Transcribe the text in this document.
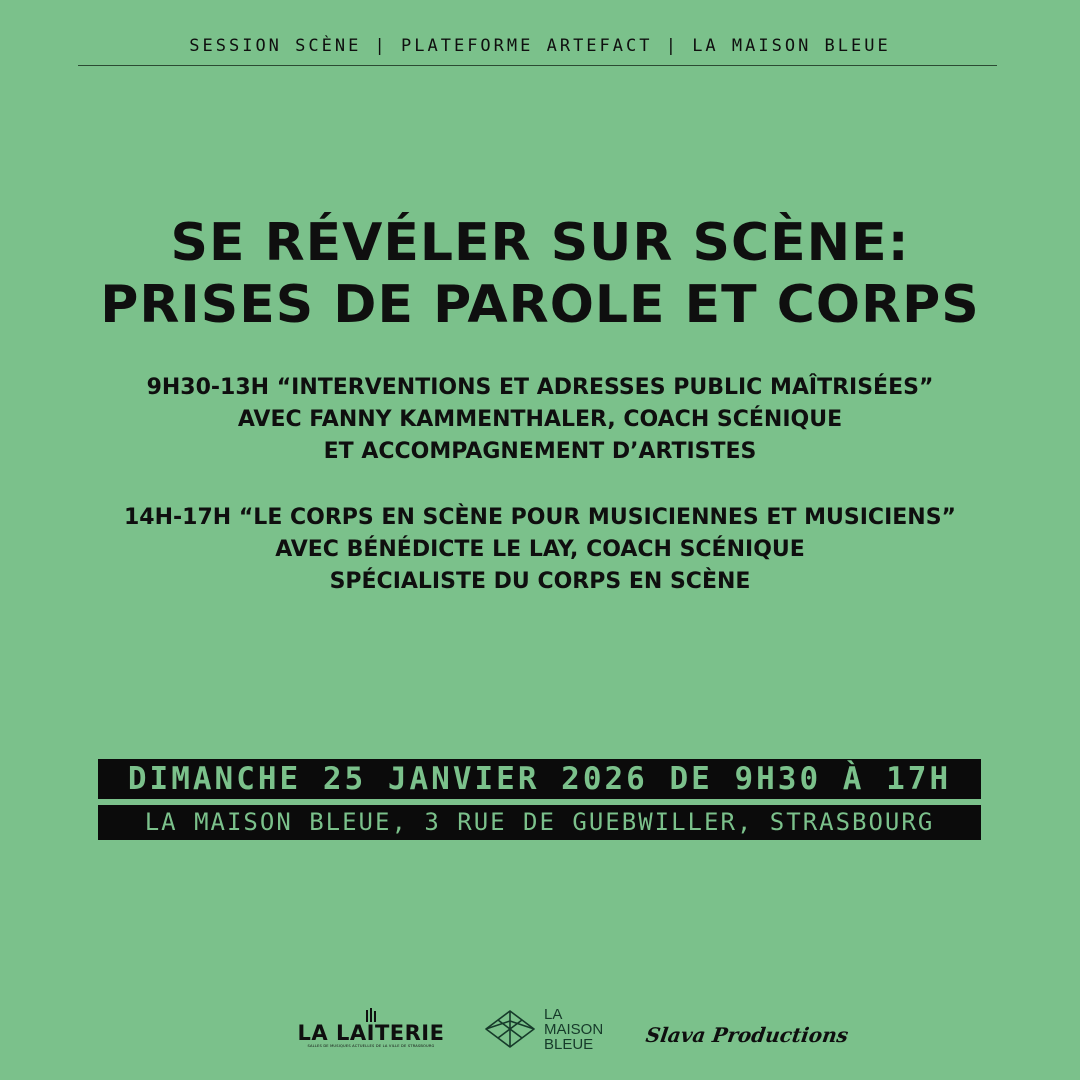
SESSION SCÈNE | PLATEFORME ARTEFACT | LA MAISON BLEUE
SE RÉVÉLER SUR SCÈNE:
PRISES DE PAROLE ET CORPS
9H30-13H “INTERVENTIONS ET ADRESSES PUBLIC MAÎTRISÉES”
AVEC FANNY KAMMENTHALER, COACH SCÉNIQUE
ET ACCOMPAGNEMENT D’ARTISTES
14H-17H “LE CORPS EN SCÈNE POUR MUSICIENNES ET MUSICIENS”
AVEC BÉNÉDICTE LE LAY, COACH SCÉNIQUE
SPÉCIALISTE DU CORPS EN SCÈNE
DIMANCHE 25 JANVIER 2026 DE 9H30 À 17H
LA MAISON BLEUE, 3 RUE DE GUEBWILLER, STRASBOURG
LA LAITERIE
SALLES DE MUSIQUES ACTUELLES DE LA VILLE DE STRASBOURG
LA
MAISON
BLEUE	Slava Productions
